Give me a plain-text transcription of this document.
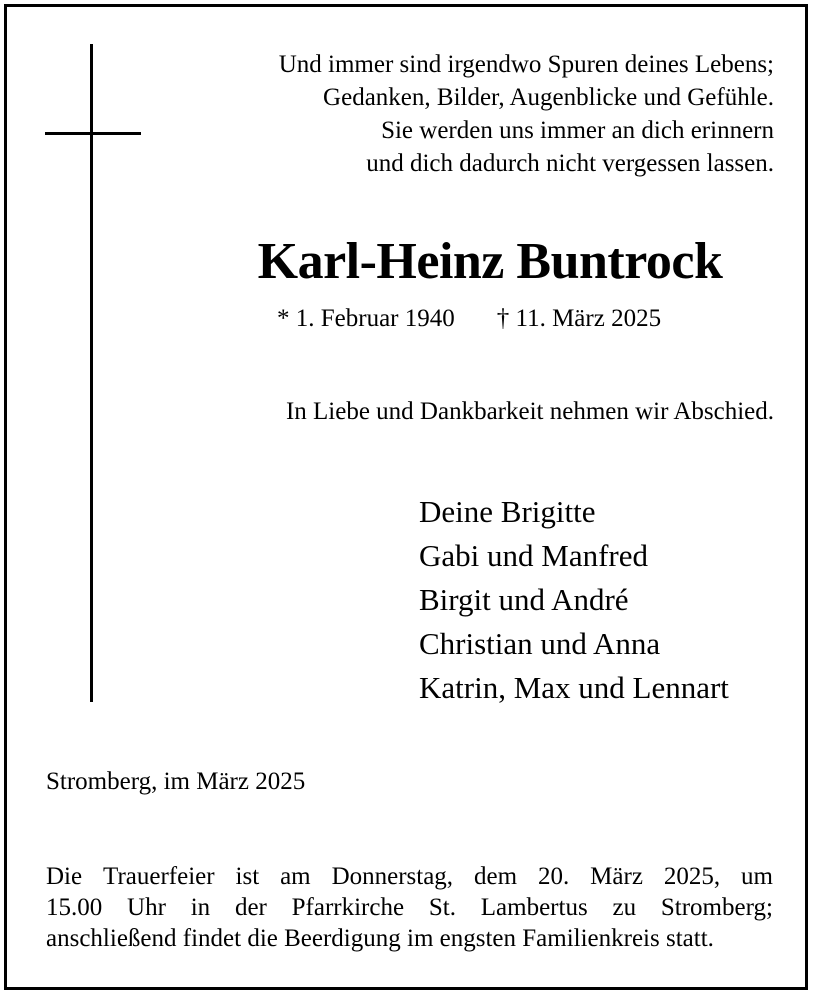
Und immer sind irgendwo Spuren deines Lebens;
Gedanken, Bilder, Augenblicke und Gefühle.
Sie werden uns immer an dich erinnern
und dich dadurch nicht vergessen lassen.
Karl-Heinz Buntrock
* 1. Februar 1940 † 11. März 2025
In Liebe und Dankbarkeit nehmen wir Abschied.
Deine Brigitte
Gabi und Manfred
Birgit und André
Christian und Anna
Katrin, Max und Lennart
Stromberg, im März 2025
Die Trauerfeier ist am Donnerstag, dem 20. März 2025, um
15.00 Uhr in der Pfarrkirche St. Lambertus zu Stromberg;
anschließend findet die Beerdigung im engsten Familienkreis statt.
